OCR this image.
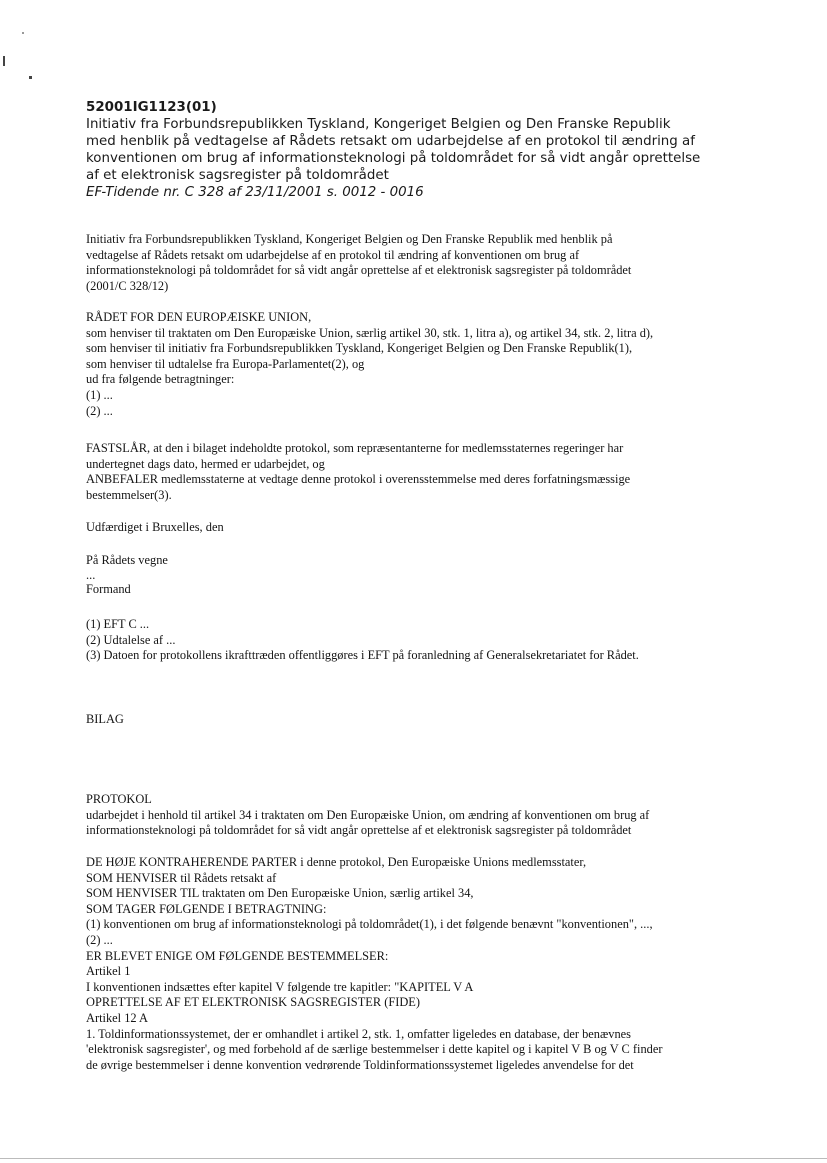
52001IG1123(01)
Initiativ fra Forbundsrepublikken Tyskland, Kongeriget Belgien og Den Franske Republik
med henblik på vedtagelse af Rådets retsakt om udarbejdelse af en protokol til ændring af
konventionen om brug af informationsteknologi på toldområdet for så vidt angår oprettelse
af et elektronisk sagsregister på toldområdet
EF-Tidende nr. C 328 af 23/11/2001 s. 0012 - 0016
Initiativ fra Forbundsrepublikken Tyskland, Kongeriget Belgien og Den Franske Republik med henblik på
vedtagelse af Rådets retsakt om udarbejdelse af en protokol til ændring af konventionen om brug af
informationsteknologi på toldområdet for så vidt angår oprettelse af et elektronisk sagsregister på toldområdet
(2001/C 328/12)
RÅDET FOR DEN EUROPÆISKE UNION,
som henviser til traktaten om Den Europæiske Union, særlig artikel 30, stk. 1, litra a), og artikel 34, stk. 2, litra d),
som henviser til initiativ fra Forbundsrepublikken Tyskland, Kongeriget Belgien og Den Franske Republik(1),
som henviser til udtalelse fra Europa-Parlamentet(2), og
ud fra følgende betragtninger:
(1) ...
(2) ...
FASTSLÅR, at den i bilaget indeholdte protokol, som repræsentanterne for medlemsstaternes regeringer har
undertegnet dags dato, hermed er udarbejdet, og
ANBEFALER medlemsstaterne at vedtage denne protokol i overensstemmelse med deres forfatningsmæssige
bestemmelser(3).
Udfærdiget i Bruxelles, den
På Rådets vegne
...
Formand
(1) EFT C ...
(2) Udtalelse af ...
(3) Datoen for protokollens ikrafttræden offentliggøres i EFT på foranledning af Generalsekretariatet for Rådet.
BILAG
PROTOKOL
udarbejdet i henhold til artikel 34 i traktaten om Den Europæiske Union, om ændring af konventionen om brug af
informationsteknologi på toldområdet for så vidt angår oprettelse af et elektronisk sagsregister på toldområdet
DE HØJE KONTRAHERENDE PARTER i denne protokol, Den Europæiske Unions medlemsstater,
SOM HENVISER til Rådets retsakt af
SOM HENVISER TIL traktaten om Den Europæiske Union, særlig artikel 34,
SOM TAGER FØLGENDE I BETRAGTNING:
(1) konventionen om brug af informationsteknologi på toldområdet(1), i det følgende benævnt "konventionen", ...,
(2) ...
ER BLEVET ENIGE OM FØLGENDE BESTEMMELSER:
Artikel 1
I konventionen indsættes efter kapitel V følgende tre kapitler: "KAPITEL V A
OPRETTELSE AF ET ELEKTRONISK SAGSREGISTER (FIDE)
Artikel 12 A
1. Toldinformationssystemet, der er omhandlet i artikel 2, stk. 1, omfatter ligeledes en database, der benævnes
'elektronisk sagsregister', og med forbehold af de særlige bestemmelser i dette kapitel og i kapitel V B og V C finder
de øvrige bestemmelser i denne konvention vedrørende Toldinformationssystemet ligeledes anvendelse for det
